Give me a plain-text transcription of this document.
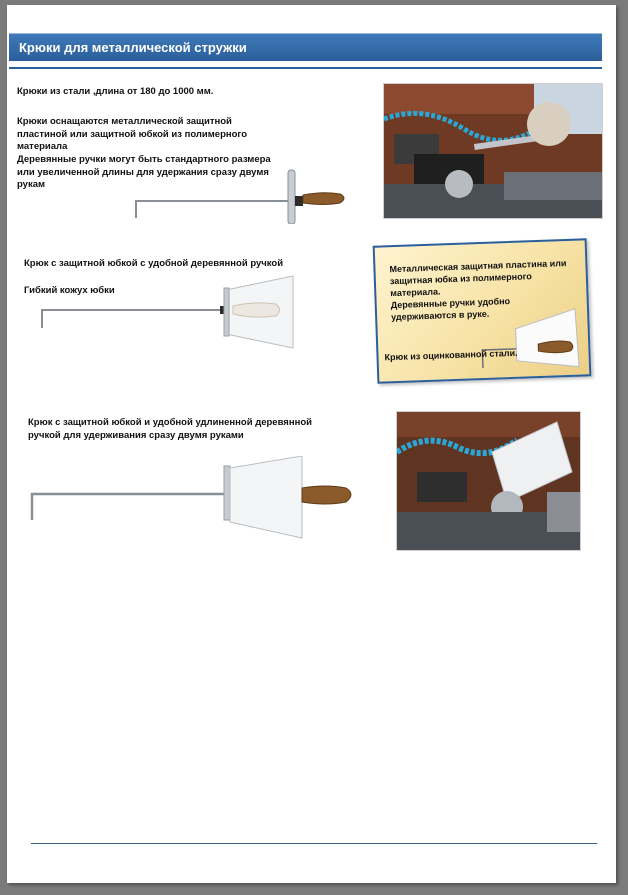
Крюки для металлической стружки

Крюки из стали ,длина от 180 до 1000 мм.

Крюки оснащаются металлической защитной пластиной или защитной юбкой из полимерного материала

Деревянные ручки могут быть стандартного размера или увеличенной длины для удержания сразу двумя рукам

Крюк с защитной юбкой с удобной деревянной ручкой

Гибкий кожух юбки

Металлическая защитная пластина или защитная юбка из полимерного материала.
Деревянные ручки удобно удерживаются в руке.
Крюк из оцинкованной стали.

Крюк с защитной юбкой и удобной удлиненной деревянной ручкой для удерживания сразу двумя руками
